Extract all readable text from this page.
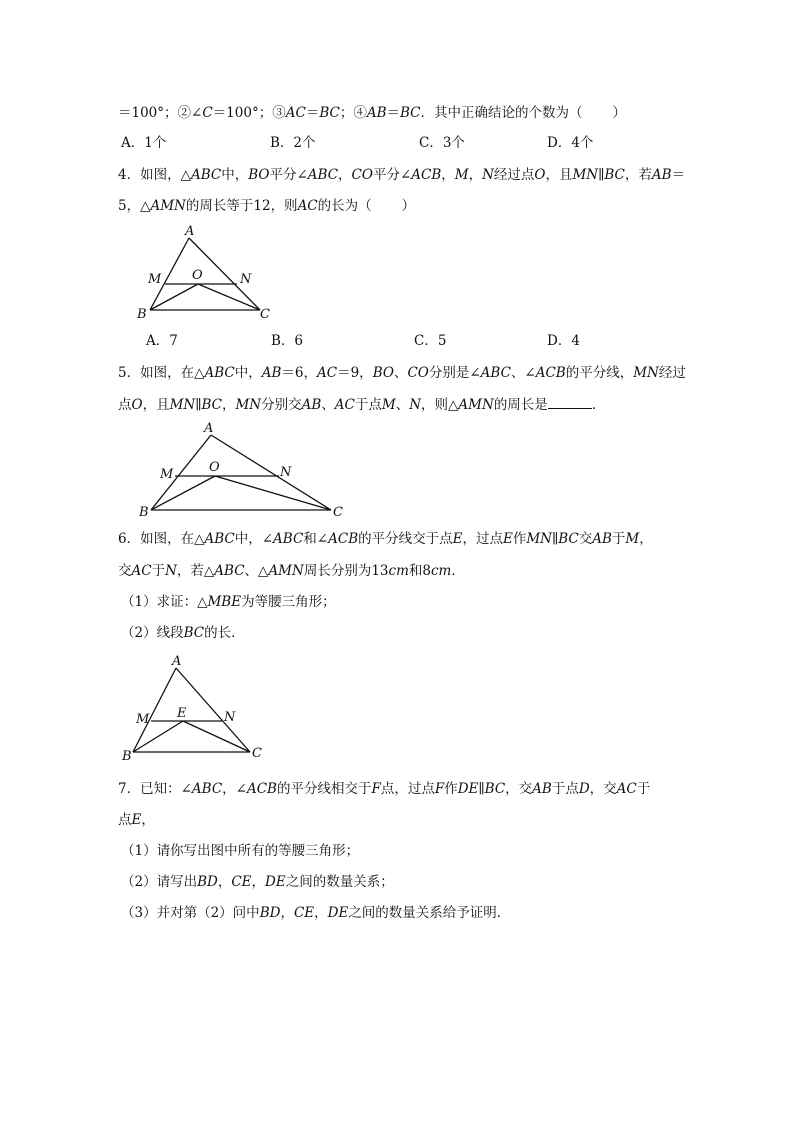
＝100°；②∠C＝100°；③AC＝BC；④AB＝BC．其中正确结论的个数为（ ）
A．1个	B．2个	C．3个	D．4个
4．如图，△ABC中，BO平分∠ABC，CO平分∠ACB，M，N经过点O，且MN∥BC，若AB＝
5，△AMN的周长等于12，则AC的长为（ ）
A
M O	N
B	C
A
M	O	N
B	C
A
M E	N
B	C
A．7	B．6	C．5	D．4
5．如图，在△ABC中，AB＝6，AC＝9，BO、CO分别是∠ABC、∠ACB的平分线，MN经过
点O，且MN∥BC，MN分别交AB、AC于点M、N，则△AMN的周长是	．
6．如图，在△ABC中，∠ABC和∠ACB的平分线交于点E，过点E作MN∥BC交AB于M，
交AC于N，若△ABC、△AMN周长分别为13cm和8cm．
（1）求证：△MBE为等腰三角形；
（2）线段BC的长．
7．已知：∠ABC，∠ACB的平分线相交于F点，过点F作DE∥BC，交AB于点D，交AC于
点E，
（1）请你写出图中所有的等腰三角形；
（2）请写出BD，CE，DE之间的数量关系；
（3）并对第（2）问中BD，CE，DE之间的数量关系给予证明．
